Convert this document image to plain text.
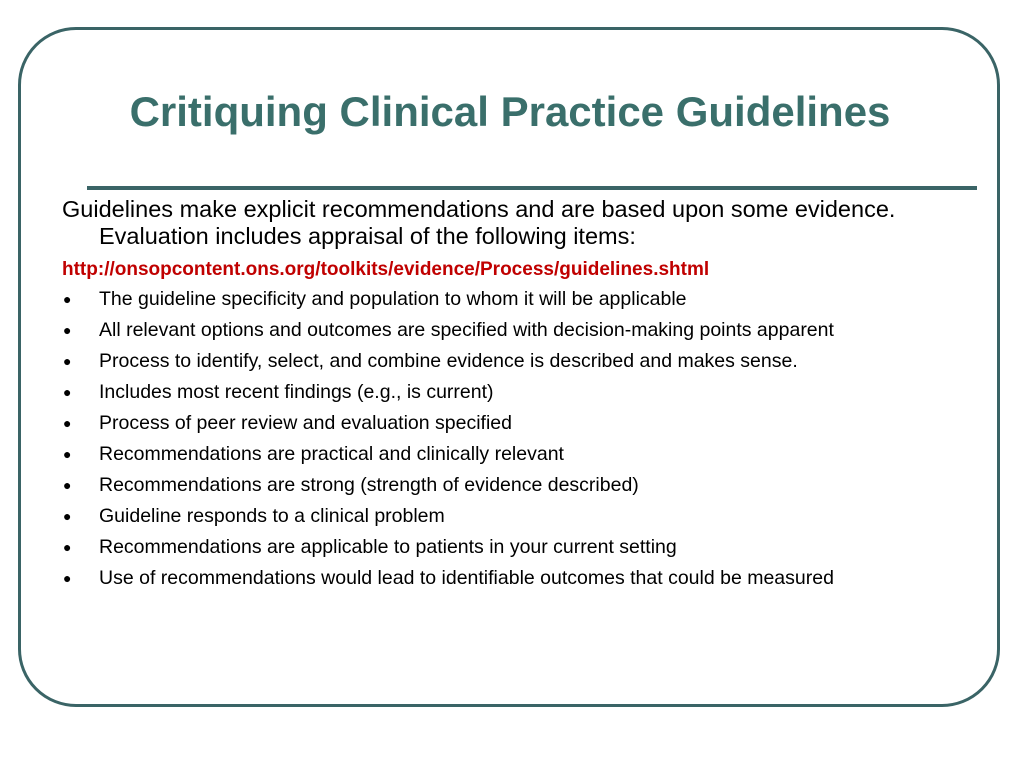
Critiquing Clinical Practice Guidelines

Guidelines make explicit recommendations and are based upon some evidence. Evaluation includes appraisal of the following items:

http://onsopcontent.ons.org/toolkits/evidence/Process/guidelines.shtml
● The guideline specificity and population to whom it will be applicable
● All relevant options and outcomes are specified with decision-making points apparent
● Process to identify, select, and combine evidence is described and makes sense.
● Includes most recent findings (e.g., is current)
● Process of peer review and evaluation specified
● Recommendations are practical and clinically relevant
● Recommendations are strong (strength of evidence described)
● Guideline responds to a clinical problem
● Recommendations are applicable to patients in your current setting
● Use of recommendations would lead to identifiable outcomes that could be measured
